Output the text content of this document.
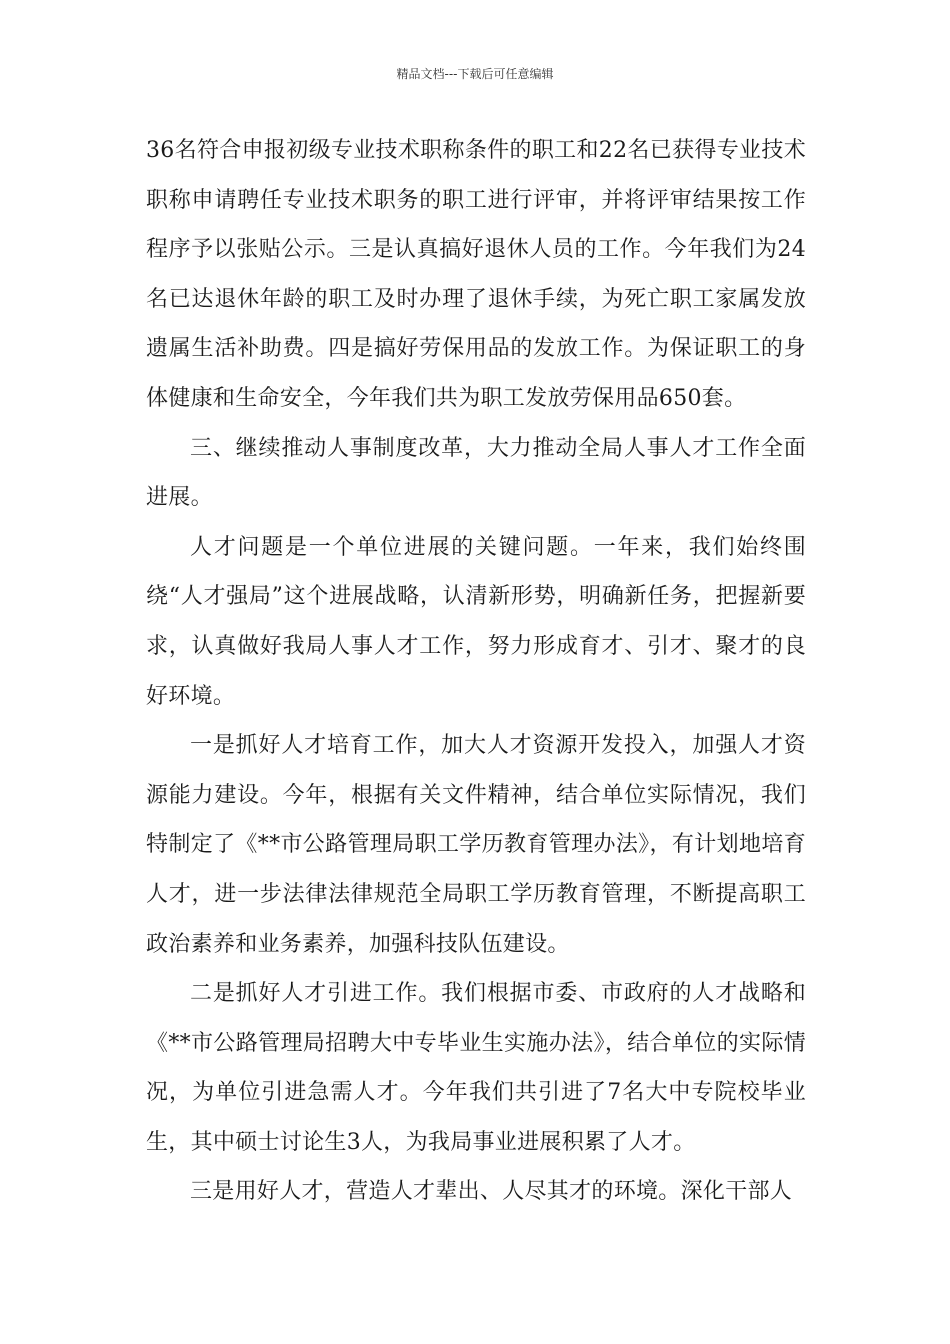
精品文档---下载后可任意编辑

36名符合申报初级专业技术职称条件的职工和22名已获得专业技术职称申请聘任专业技术职务的职工进行评审，并将评审结果按工作程序予以张贴公示。三是认真搞好退休人员的工作。今年我们为24名已达退休年龄的职工及时办理了退休手续，为死亡职工家属发放遗属生活补助费。四是搞好劳保用品的发放工作。为保证职工的身体健康和生命安全，今年我们共为职工发放劳保用品650套。

三、继续推动人事制度改革，大力推动全局人事人才工作全面进展。

人才问题是一个单位进展的关键问题。一年来，我们始终围绕“人才强局”这个进展战略，认清新形势，明确新任务，把握新要求，认真做好我局人事人才工作，努力形成育才、引才、聚才的良好环境。

一是抓好人才培育工作，加大人才资源开发投入，加强人才资源能力建设。今年，根据有关文件精神，结合单位实际情况，我们特制定了《**市公路管理局职工学历教育管理办法》，有计划地培育人才，进一步法律法律规范全局职工学历教育管理，不断提高职工政治素养和业务素养，加强科技队伍建设。

二是抓好人才引进工作。我们根据市委、市政府的人才战略和《**市公路管理局招聘大中专毕业生实施办法》，结合单位的实际情况，为单位引进急需人才。今年我们共引进了7名大中专院校毕业生，其中硕士讨论生3人，为我局事业进展积累了人才。

三是用好人才，营造人才辈出、人尽其才的环境。深化干部人
